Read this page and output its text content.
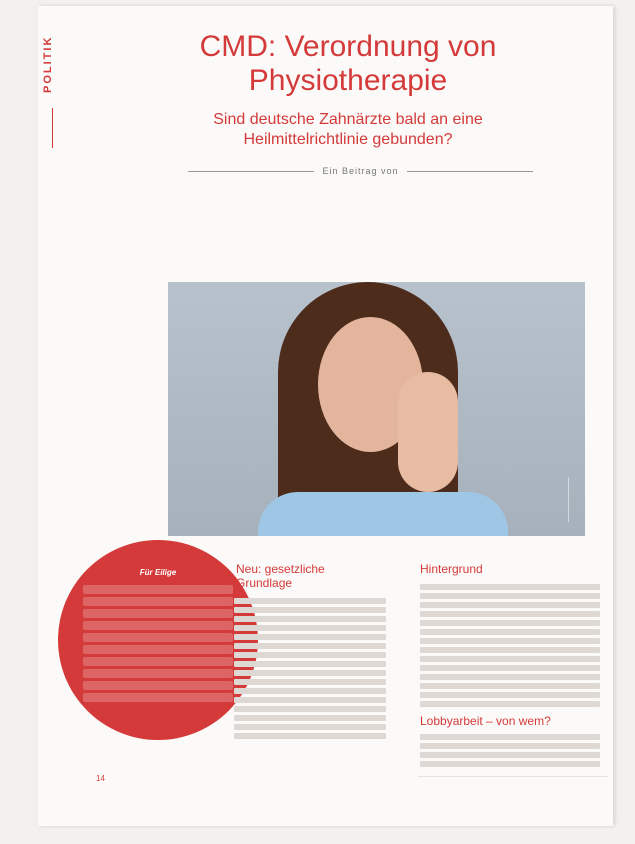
POLITIK	CMD: Verordnung von
Physiotherapie
Sind deutsche Zahnärzte bald an eine
Heilmittelrichtlinie gebunden?
Ein Beitrag von

Für Eilige	Neu: gesetzliche
Grundlage
Hintergrund
Lobbyarbeit – von wem?
14
